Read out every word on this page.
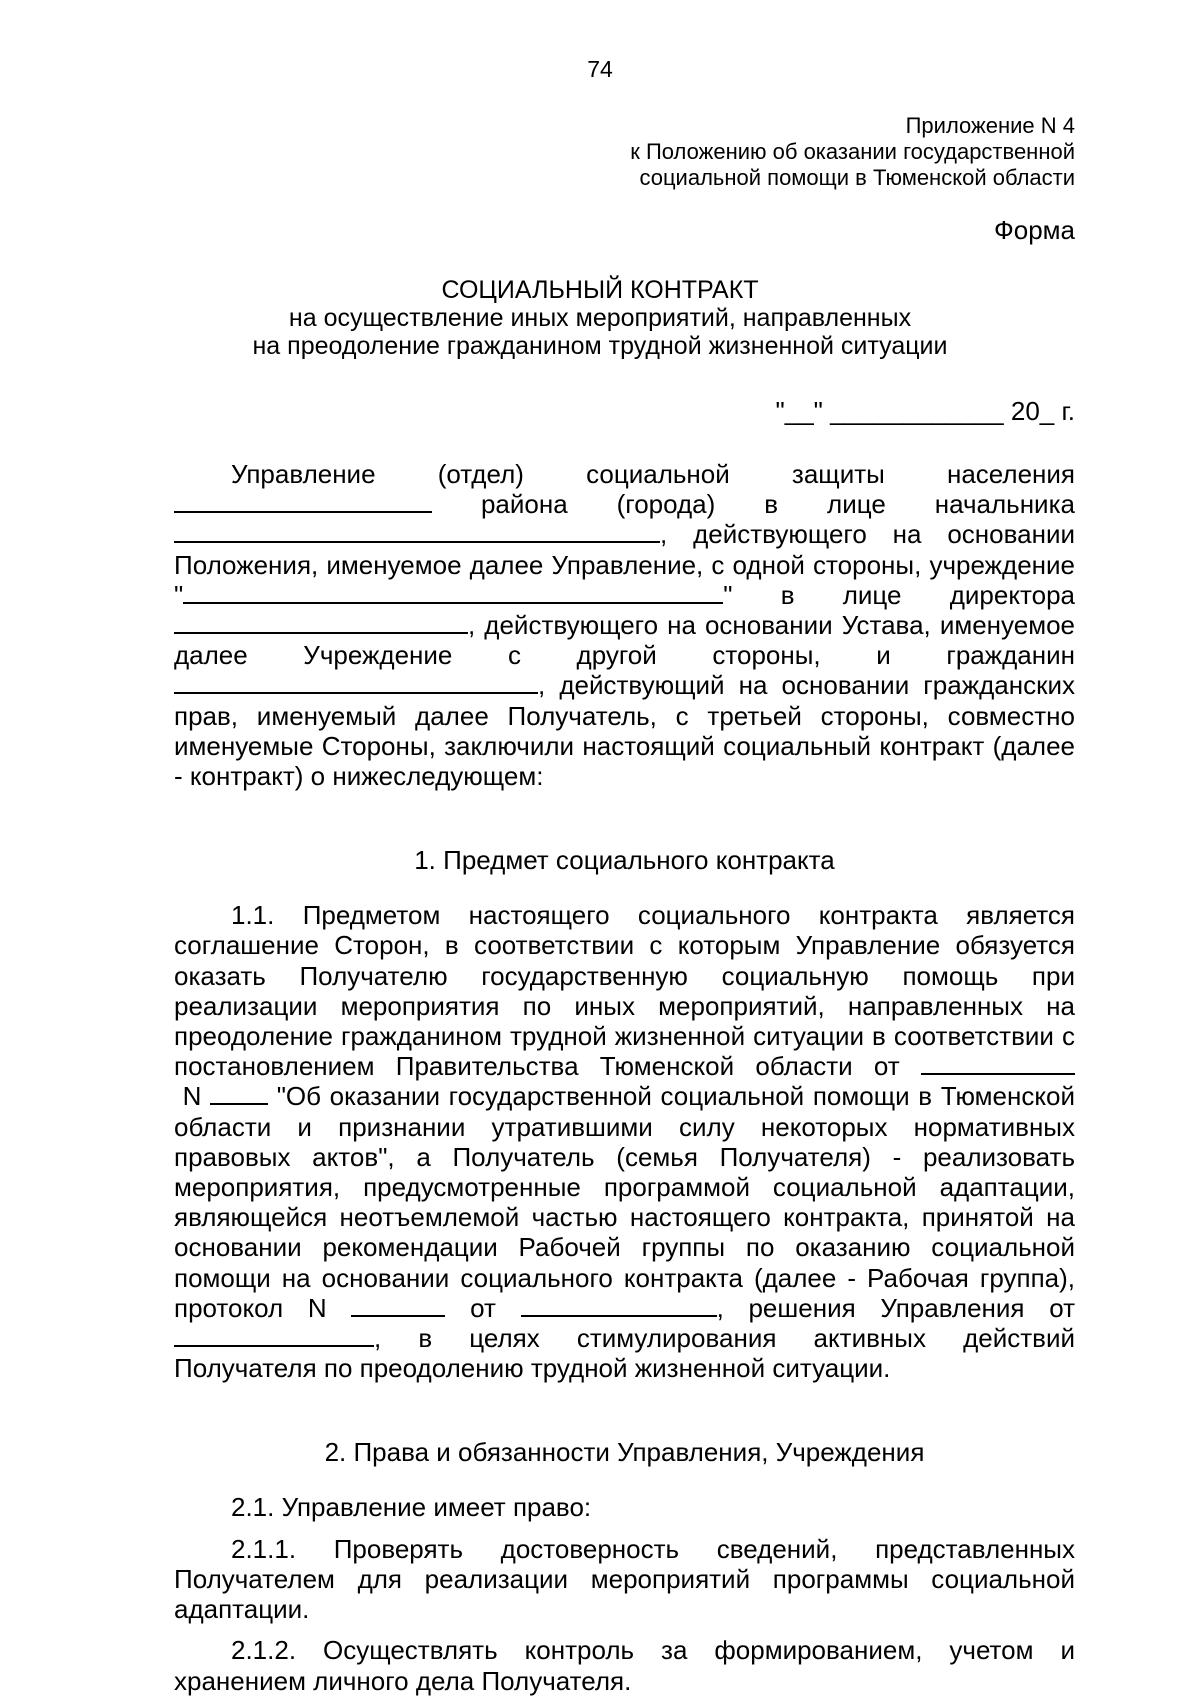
74
Приложение N 4
к Положению об оказании государственной
социальной помощи в Тюменской области
Форма
СОЦИАЛЬНЫЙ КОНТРАКТ
на осуществление иных мероприятий, направленных
на преодоление гражданином трудной жизненной ситуации
"__" ____________ 20_ г.

Управление (отдел) социальной защиты населения  района (города) в лице начальника , действующего на основании Положения, именуемое далее Управление, с одной стороны, учреждение "	" в лице директора , действующего на основании Устава, именуемое далее Учреждение с другой стороны, и гражданин , действующий на основании гражданских прав, именуемый далее Получатель, с третьей стороны, совместно именуемые Стороны, заключили настоящий социальный контракт (далее - контракт) о нижеследующем:

1. Предмет социального контракта

1.1. Предметом настоящего социального контракта является соглашение Сторон, в соответствии с которым Управление обязуется оказать Получателю государственную социальную помощь при реализации мероприятия по иных мероприятий, направленных на преодоление гражданином трудной жизненной ситуации в соответствии с постановлением Правительства Тюменской области от  N  "Об оказании государственной социальной помощи в Тюменской области и признании утратившими силу некоторых нормативных правовых актов", а Получатель (семья Получателя) - реализовать мероприятия, предусмотренные программой социальной адаптации, являющейся неотъемлемой частью настоящего контракта, принятой на основании рекомендации Рабочей группы по оказанию социальной помощи на основании социального контракта (далее - Рабочая группа), протокол N	от	, решения Управления от , в целях стимулирования активных действий Получателя по преодолению трудной жизненной ситуации.

2. Права и обязанности Управления, Учреждения

2.1. Управление имеет право:

2.1.1. Проверять достоверность сведений, представленных Получателем для реализации мероприятий программы социальной адаптации.

2.1.2. Осуществлять контроль за формированием, учетом и хранением личного дела Получателя.
